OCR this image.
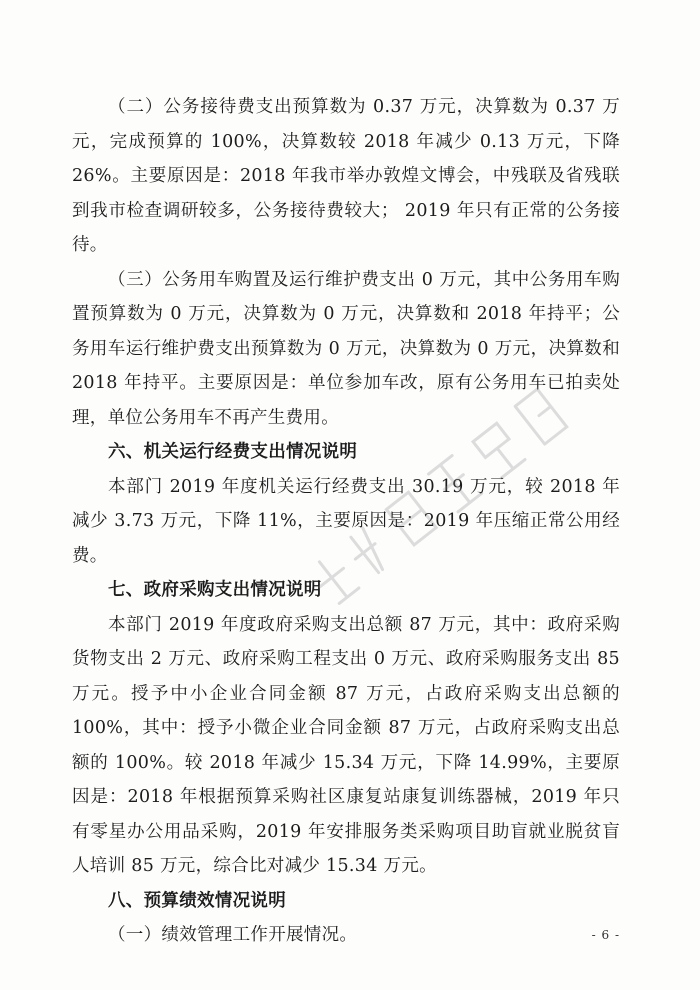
（二）公务接待费支出预算数为 0.37 万元，决算数为 0.37 万元，完成预算的 100%，决算数较 2018 年减少 0.13 万元，下降 26%。主要原因是：2018 年我市举办敦煌文博会，中残联及省残联到我市检查调研较多，公务接待费较大； 2019 年只有正常的公务接待。

（三）公务用车购置及运行维护费支出 0 万元，其中公务用车购置预算数为 0 万元，决算数为 0 万元，决算数和 2018 年持平；公务用车运行维护费支出预算数为 0 万元，决算数为 0 万元，决算数和 2018 年持平。主要原因是：单位参加车改，原有公务用车已拍卖处理，单位公务用车不再产生费用。

六、机关运行经费支出情况说明

本部门 2019 年度机关运行经费支出 30.19 万元，较 2018 年减少 3.73 万元，下降 11%，主要原因是：2019 年压缩正常公用经费。

七、政府采购支出情况说明

本部门 2019 年度政府采购支出总额 87 万元，其中：政府采购货物支出 2 万元、政府采购工程支出 0 万元、政府采购服务支出 85 万元。授予中小企业合同金额 87 万元，占政府采购支出总额的 100%，其中：授予小微企业合同金额 87 万元，占政府采购支出总额的 100%。较 2018 年减少 15.34 万元，下降 14.99%，主要原因是：2018 年根据预算采购社区康复站康复训练器械，2019 年只有零星办公用品采购，2019 年安排服务类采购项目助盲就业脱贫盲人培训 85 万元，综合比对减少 15.34 万元。

八、预算绩效情况说明

（一）绩效管理工作开展情况。	- 6 -
